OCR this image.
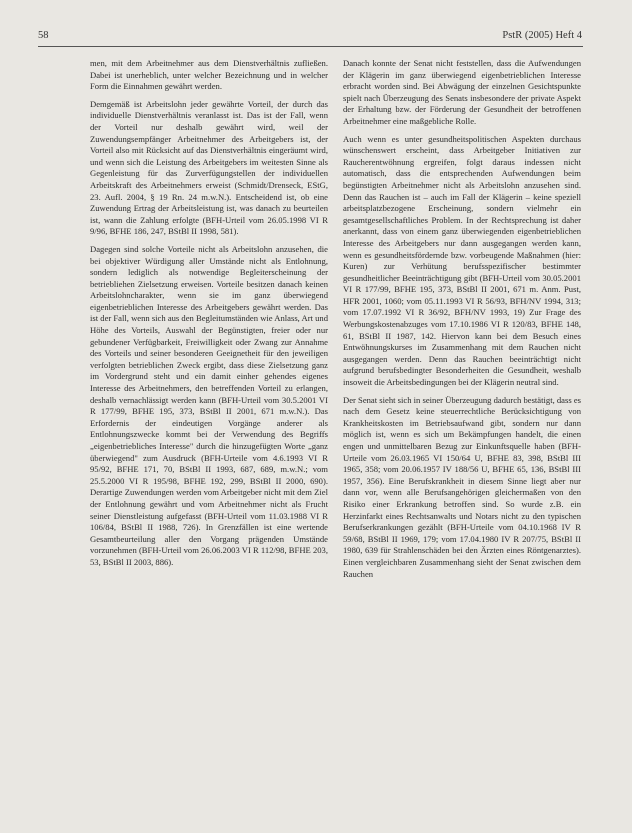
58	PstR (2005) Heft 4

men, mit dem Arbeitnehmer aus dem Dienstverhältnis zufließen. Dabei ist unerheblich, unter welcher Bezeichnung und in welcher Form die Einnahmen gewährt werden.

Demgemäß ist Arbeitslohn jeder gewährte Vorteil, der durch das individuelle Dienstverhältnis veranlasst ist. Das ist der Fall, wenn der Vorteil nur deshalb gewährt wird, weil der Zuwendungsempfänger Arbeitnehmer des Arbeitgebers ist, der Vorteil also mit Rücksicht auf das Dienstverhältnis eingeräumt wird, und wenn sich die Leistung des Arbeitgebers im weitesten Sinne als Gegenleistung für das Zurverfügungstellen der individuellen Arbeitskraft des Arbeitnehmers erweist (Schmidt/Drenseck, EStG, 23. Aufl. 2004, § 19 Rn. 24 m.w.N.). Entscheidend ist, ob eine Zuwendung Ertrag der Arbeitsleistung ist, was danach zu beurteilen ist, wann die Zahlung erfolgte (BFH-Urteil vom 26.05.1998 VI R 9/96, BFHE 186, 247, BStBl II 1998, 581).

Dagegen sind solche Vorteile nicht als Arbeitslohn anzusehen, die bei objektiver Würdigung aller Umstände nicht als Entlohnung, sondern lediglich als notwendige Begleiterscheinung der betriebliehen Zielsetzung erweisen. Vorteile besitzen danach keinen Arbeitslohncharakter, wenn sie im ganz überwiegend eigenbetrieblichen Interesse des Arbeitgebers gewährt werden. Das ist der Fall, wenn sich aus den Begleitumständen wie Anlass, Art und Höhe des Vorteils, Auswahl der Begünstigten, freier oder nur gebundener Verfügbarkeit, Freiwilligkeit oder Zwang zur Annahme des Vorteils und seiner besonderen Geeignetheit für den jeweiligen verfolgten betrieblichen Zweck ergibt, dass diese Zielsetzung ganz im Vordergrund steht und ein damit einher gehendes eigenes Interesse des Arbeitnehmers, den betreffenden Vorteil zu erlangen, deshalb vernachlässigt werden kann (BFH-Urteil vom 30.5.2001 VI R 177/99, BFHE 195, 373, BStBl II 2001, 671 m.w.N.). Das Erfordernis der eindeutigen Vorgänge anderer als Entlohnungszwecke kommt bei der Verwendung des Begriffs „eigenbetriebliches Interesse" durch die hinzugefügten Worte „ganz überwiegend" zum Ausdruck (BFH-Urteile vom 4.6.1993 VI R 95/92, BFHE 171, 70, BStBl II 1993, 687, 689, m.w.N.; vom 25.5.2000 VI R 195/98, BFHE 192, 299, BStBl II 2000, 690). Derartige Zuwendungen werden vom Arbeitgeber nicht mit dem Ziel der Entlohnung gewährt und vom Arbeitnehmer nicht als Frucht seiner Dienstleistung aufgefasst (BFH-Urteil vom 11.03.1988 VI R 106/84, BStBl II 1988, 726). In Grenzfällen ist eine wertende Gesamtbeurteilung aller den Vorgang prägenden Umstände vorzunehmen (BFH-Urteil vom 26.06.2003 VI R 112/98, BFHE 203, 53, BStBl II 2003, 886).

Danach konnte der Senat nicht feststellen, dass die Aufwendungen der Klägerin im ganz überwiegend eigenbetrieblichen Interesse erbracht worden sind. Bei Abwägung der einzelnen Gesichtspunkte spielt nach Überzeugung des Senats insbesondere der private Aspekt der Erhaltung bzw. der Förderung der Gesundheit der betroffenen Arbeitnehmer eine maßgebliche Rolle.

Auch wenn es unter gesundheitspolitischen Aspekten durchaus wünschenswert erscheint, dass Arbeitgeber Initiativen zur Raucherentwöhnung ergreifen, folgt daraus indessen nicht automatisch, dass die entsprechenden Aufwendungen beim begünstigten Arbeitnehmer nicht als Arbeitslohn anzusehen sind. Denn das Rauchen ist – auch im Fall der Klägerin – keine speziell arbeitsplatzbezogene Erscheinung, sondern vielmehr ein gesamtgesellschaftliches Problem. In der Rechtsprechung ist daher anerkannt, dass von einem ganz überwiegenden eigenbetrieblichen Interesse des Arbeitgebers nur dann ausgegangen werden kann, wenn es gesundheitsfördernde bzw. vorbeugende Maßnahmen (hier: Kuren) zur Verhütung berufsspezifischer bestimmter gesundheitlicher Beeinträchtigung gibt (BFH-Urteil vom 30.05.2001 VI R 177/99, BFHE 195, 373, BStBl II 2001, 671 m. Anm. Pust, HFR 2001, 1060; vom 05.11.1993 VI R 56/93, BFH/NV 1994, 313; vom 17.07.1992 VI R 36/92, BFH/NV 1993, 19) Zur Frage des Werbungskostenabzuges vom 17.10.1986 VI R 120/83, BFHE 148, 61, BStBl II 1987, 142. Hiervon kann bei dem Besuch eines Entwöhnungskurses im Zusammenhang mit dem Rauchen nicht ausgegangen werden. Denn das Rauchen beeinträchtigt nicht aufgrund berufsbedingter Besonderheiten die Gesundheit, weshalb insoweit die Arbeitsbedingungen bei der Klägerin neutral sind.

Der Senat sieht sich in seiner Überzeugung dadurch bestätigt, dass es nach dem Gesetz keine steuerrechtliche Berücksichtigung von Krankheitskosten im Betriebsaufwand gibt, sondern nur dann möglich ist, wenn es sich um Bekämpfungen handelt, die einen engen und unmittelbaren Bezug zur Einkunftsquelle haben (BFH-Urteile vom 26.03.1965 VI 150/64 U, BFHE 83, 398, BStBl III 1965, 358; vom 20.06.1957 IV 188/56 U, BFHE 65, 136, BStBl III 1957, 356). Eine Berufskrankheit in diesem Sinne liegt aber nur dann vor, wenn alle Berufsangehörigen gleichermaßen von den Risiko einer Erkrankung betroffen sind. So wurde z.B. ein Herzinfarkt eines Rechtsanwalts und Notars nicht zu den typischen Berufserkrankungen gezählt (BFH-Urteile vom 04.10.1968 IV R 59/68, BStBl II 1969, 179; vom 17.04.1980 IV R 207/75, BStBl II 1980, 639 für Strahlenschäden bei den Ärzten eines Röntgenarztes). Einen vergleichbaren Zusammenhang sieht der Senat zwischen dem Rauchen
